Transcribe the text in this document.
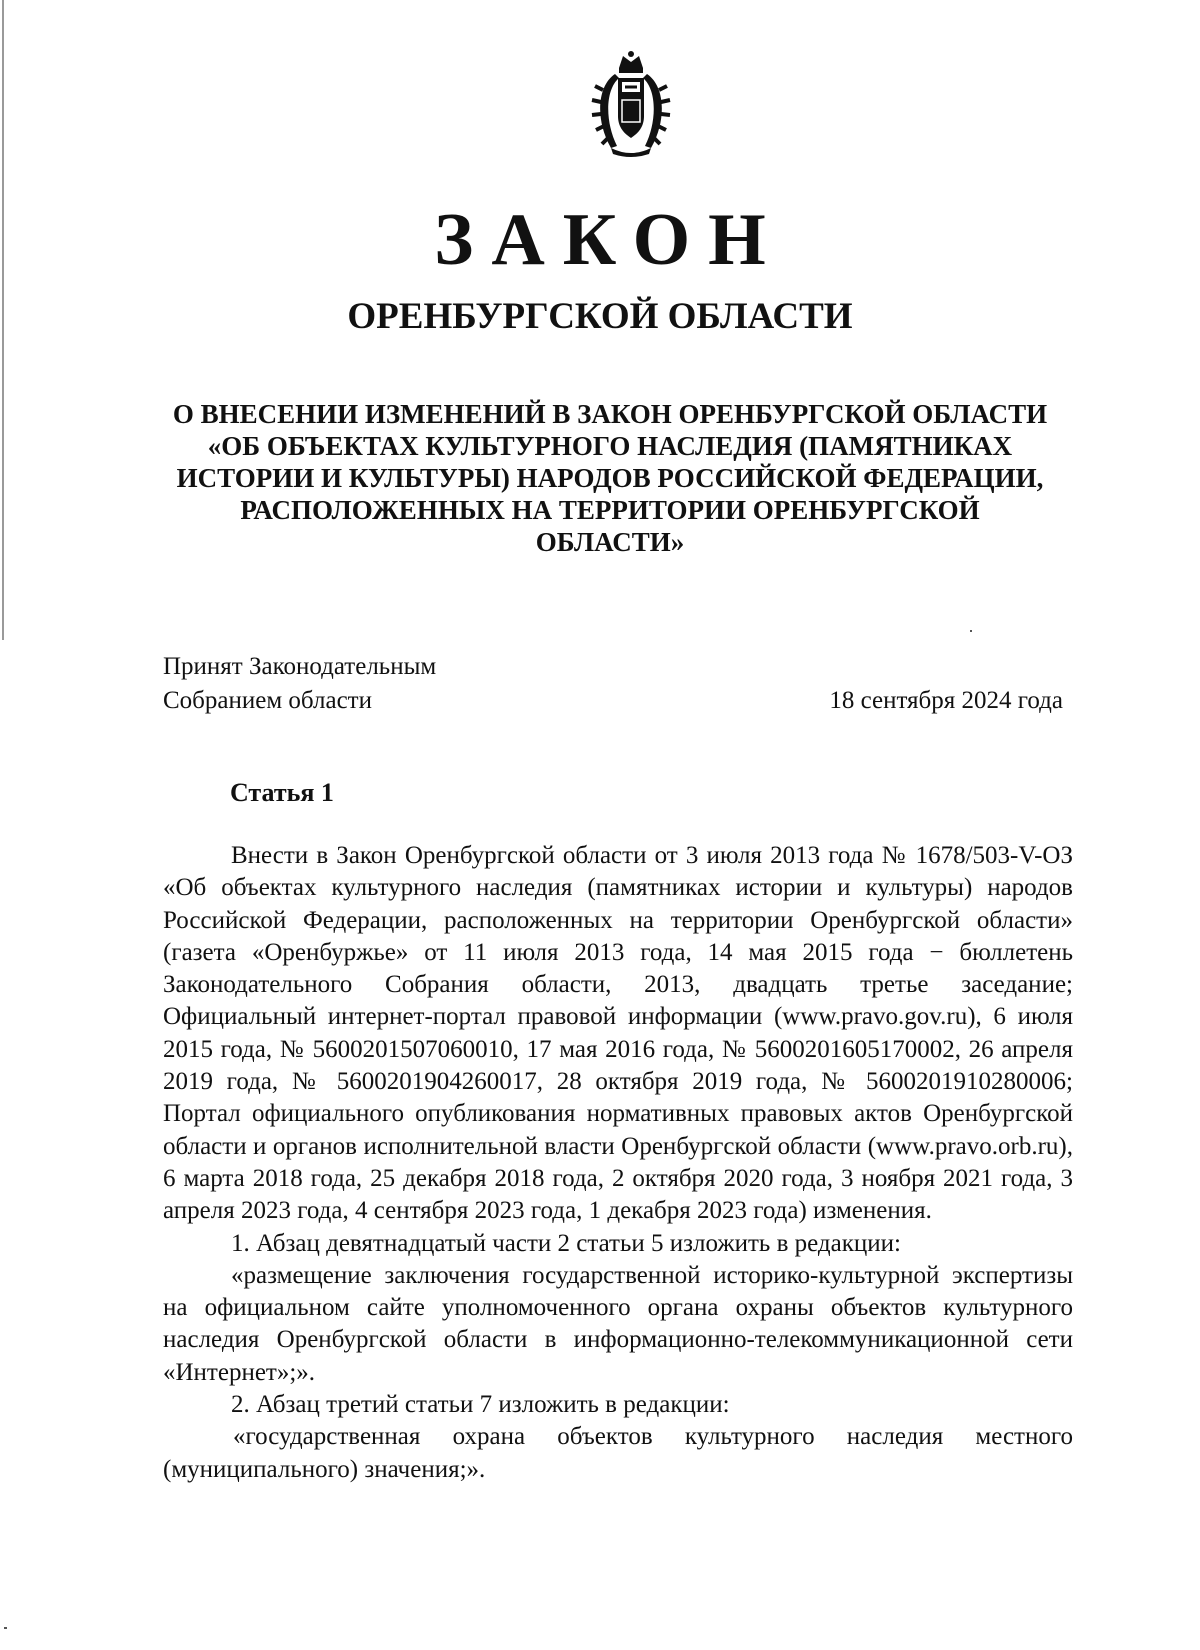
ЗАКОН
ОРЕНБУРГСКОЙ ОБЛАСТИ
О ВНЕСЕНИИ ИЗМЕНЕНИЙ В ЗАКОН ОРЕНБУРГСКОЙ ОБЛАСТИ
«ОБ ОБЪЕКТАХ КУЛЬТУРНОГО НАСЛЕДИЯ (ПАМЯТНИКАХ
ИСТОРИИ И КУЛЬТУРЫ) НАРОДОВ РОССИЙСКОЙ ФЕДЕРАЦИИ,
РАСПОЛОЖЕННЫХ НА ТЕРРИТОРИИ ОРЕНБУРГСКОЙ
ОБЛАСТИ»
Принят Законодательным
Собранием области	18 сентября 2024 года
Статья 1

Внести в Закон Оренбургской области от 3 июля 2013 года № 1678/503-V-ОЗ «Об объектах культурного наследия (памятниках истории и культуры) народов Российской Федерации, расположенных на территории Оренбургской области» (газета «Оренбуржье» от 11 июля 2013 года, 14 мая 2015 года − бюллетень Законодательного Собрания области, 2013, двадцать третье заседание; Официальный интернет-портал правовой информации (www.pravo.gov.ru), 6 июля 2015 года, № 5600201507060010, 17 мая 2016 года, № 5600201605170002, 26 апреля 2019 года, № 5600201904260017, 28 октября 2019 года, № 5600201910280006; Портал официального опубликования нормативных правовых актов Оренбургской области и органов исполнительной власти Оренбургской области (www.pravo.orb.ru), 6 марта 2018 года, 25 декабря 2018 года, 2 октября 2020 года, 3 ноября 2021 года, 3 апреля 2023 года, 4 сентября 2023 года, 1 декабря 2023 года) изменения.

1. Абзац девятнадцатый части 2 статьи 5 изложить в редакции:

«размещение заключения государственной историко-культурной экспертизы на официальном сайте уполномоченного органа охраны объектов культурного наследия Оренбургской области в информационно-телекоммуникационной сети «Интернет»;».

2. Абзац третий статьи 7 изложить в редакции:

«государственная охрана объектов культурного наследия местного (муниципального) значения;».
